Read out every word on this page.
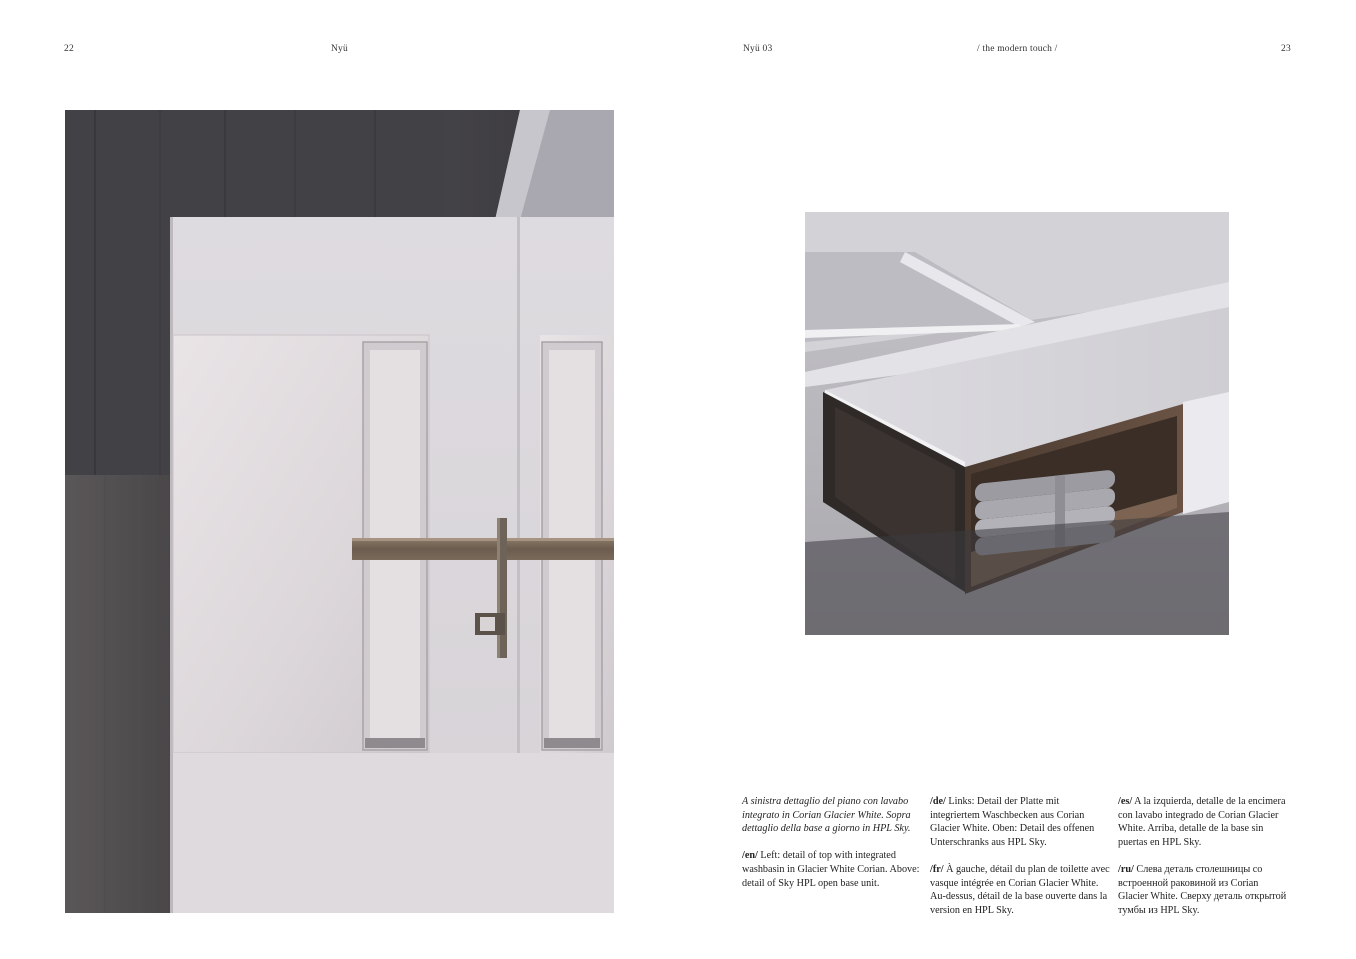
22	Nyü	Nyü 03	/ the modern touch /	23

A sinistra dettaglio del piano con lavabo integrato in Corian Glacier White. Sopra dettaglio della base a giorno in HPL Sky.

/en/ Left: detail of top with integrated washbasin in Glacier White Corian. Above: detail of Sky HPL open base unit.

/de/ Links: Detail der Platte mit integriertem Waschbecken aus Corian Glacier White. Oben: Detail des offenen Unterschranks aus HPL Sky.

/fr/ À gauche, détail du plan de toilette avec vasque intégrée en Corian Glacier White. Au-dessus, détail de la base ouverte dans la version en HPL Sky.

/es/ A la izquierda, detalle de la encimera con lavabo integrado de Corian Glacier White. Arriba, detalle de la base sin puertas en HPL Sky.

/ru/ Слева деталь столешницы со встроенной раковиной из Corian Glacier White. Сверху деталь открытой тумбы из HPL Sky.
